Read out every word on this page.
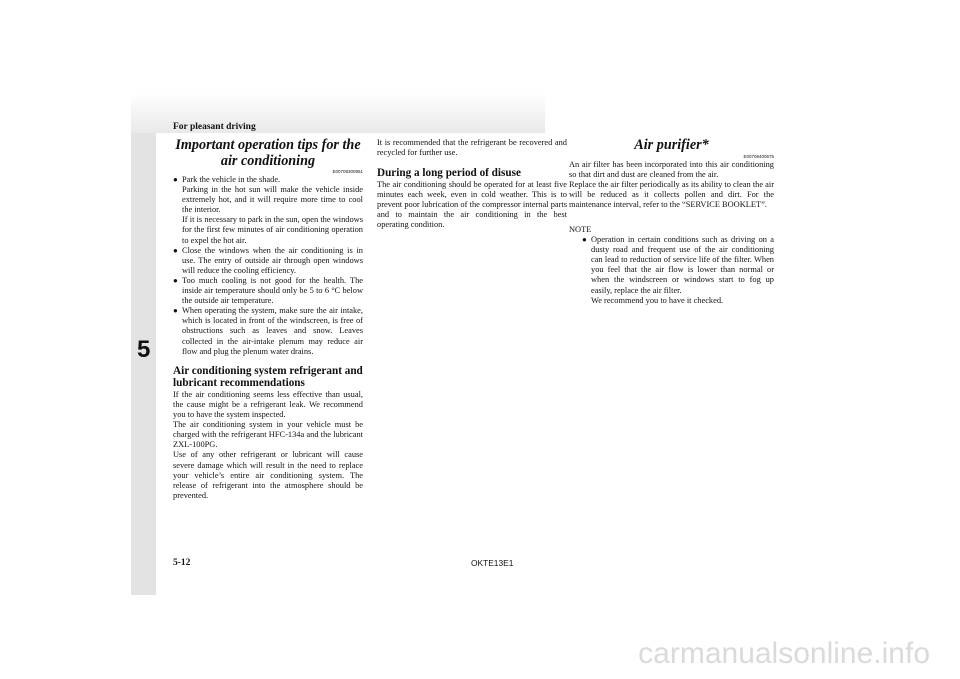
For pleasant driving
5
Important operation tips for the air conditioning
E00708300951
● Park the vehicle in the shade.

Parking in the hot sun will make the vehicle inside extremely hot, and it will require more time to cool the interior.

If it is necessary to park in the sun, open the windows for the first few minutes of air conditioning operation to expel the hot air.

● Close the windows when the air conditioning is in use. The entry of outside air through open windows will reduce the cooling efficiency.

● Too much cooling is not good for the health. The inside air temperature should only be 5 to 6 °C below the outside air temperature.

● When operating the system, make sure the air intake, which is located in front of the windscreen, is free of obstructions such as leaves and snow. Leaves collected in the air-intake plenum may reduce air flow and plug the plenum water drains.

Air conditioning system refrigerant and lubricant recommendations

If the air conditioning seems less effective than usual, the cause might be a refrigerant leak. We recommend you to have the system inspected.

The air conditioning system in your vehicle must be charged with the refrigerant HFC-134a and the lubricant ZXL-100PG.

Use of any other refrigerant or lubricant will cause severe damage which will result in the need to replace your vehicle’s entire air conditioning system. The release of refrigerant into the atmosphere should be prevented.

It is recommended that the refrigerant be recovered and recycled for further use.

During a long period of disuse

The air conditioning should be operated for at least five minutes each week, even in cold weather. This is to prevent poor lubrication of the compressor internal parts and to maintain the air conditioning in the best operating condition.

Air purifier*
E00708400675

An air filter has been incorporated into this air conditioning so that dirt and dust are cleaned from the air.

Replace the air filter periodically as its ability to clean the air will be reduced as it collects pollen and dirt. For the maintenance interval, refer to the “SERVICE BOOKLET”.

NOTE

● Operation in certain conditions such as driving on a dusty road and frequent use of the air conditioning can lead to reduction of service life of the filter. When you feel that the air flow is lower than normal or when the windscreen or windows start to fog up easily, replace the air filter.

We recommend you to have it checked.

5-12	OKTE13E1
carmanualsonline.info
